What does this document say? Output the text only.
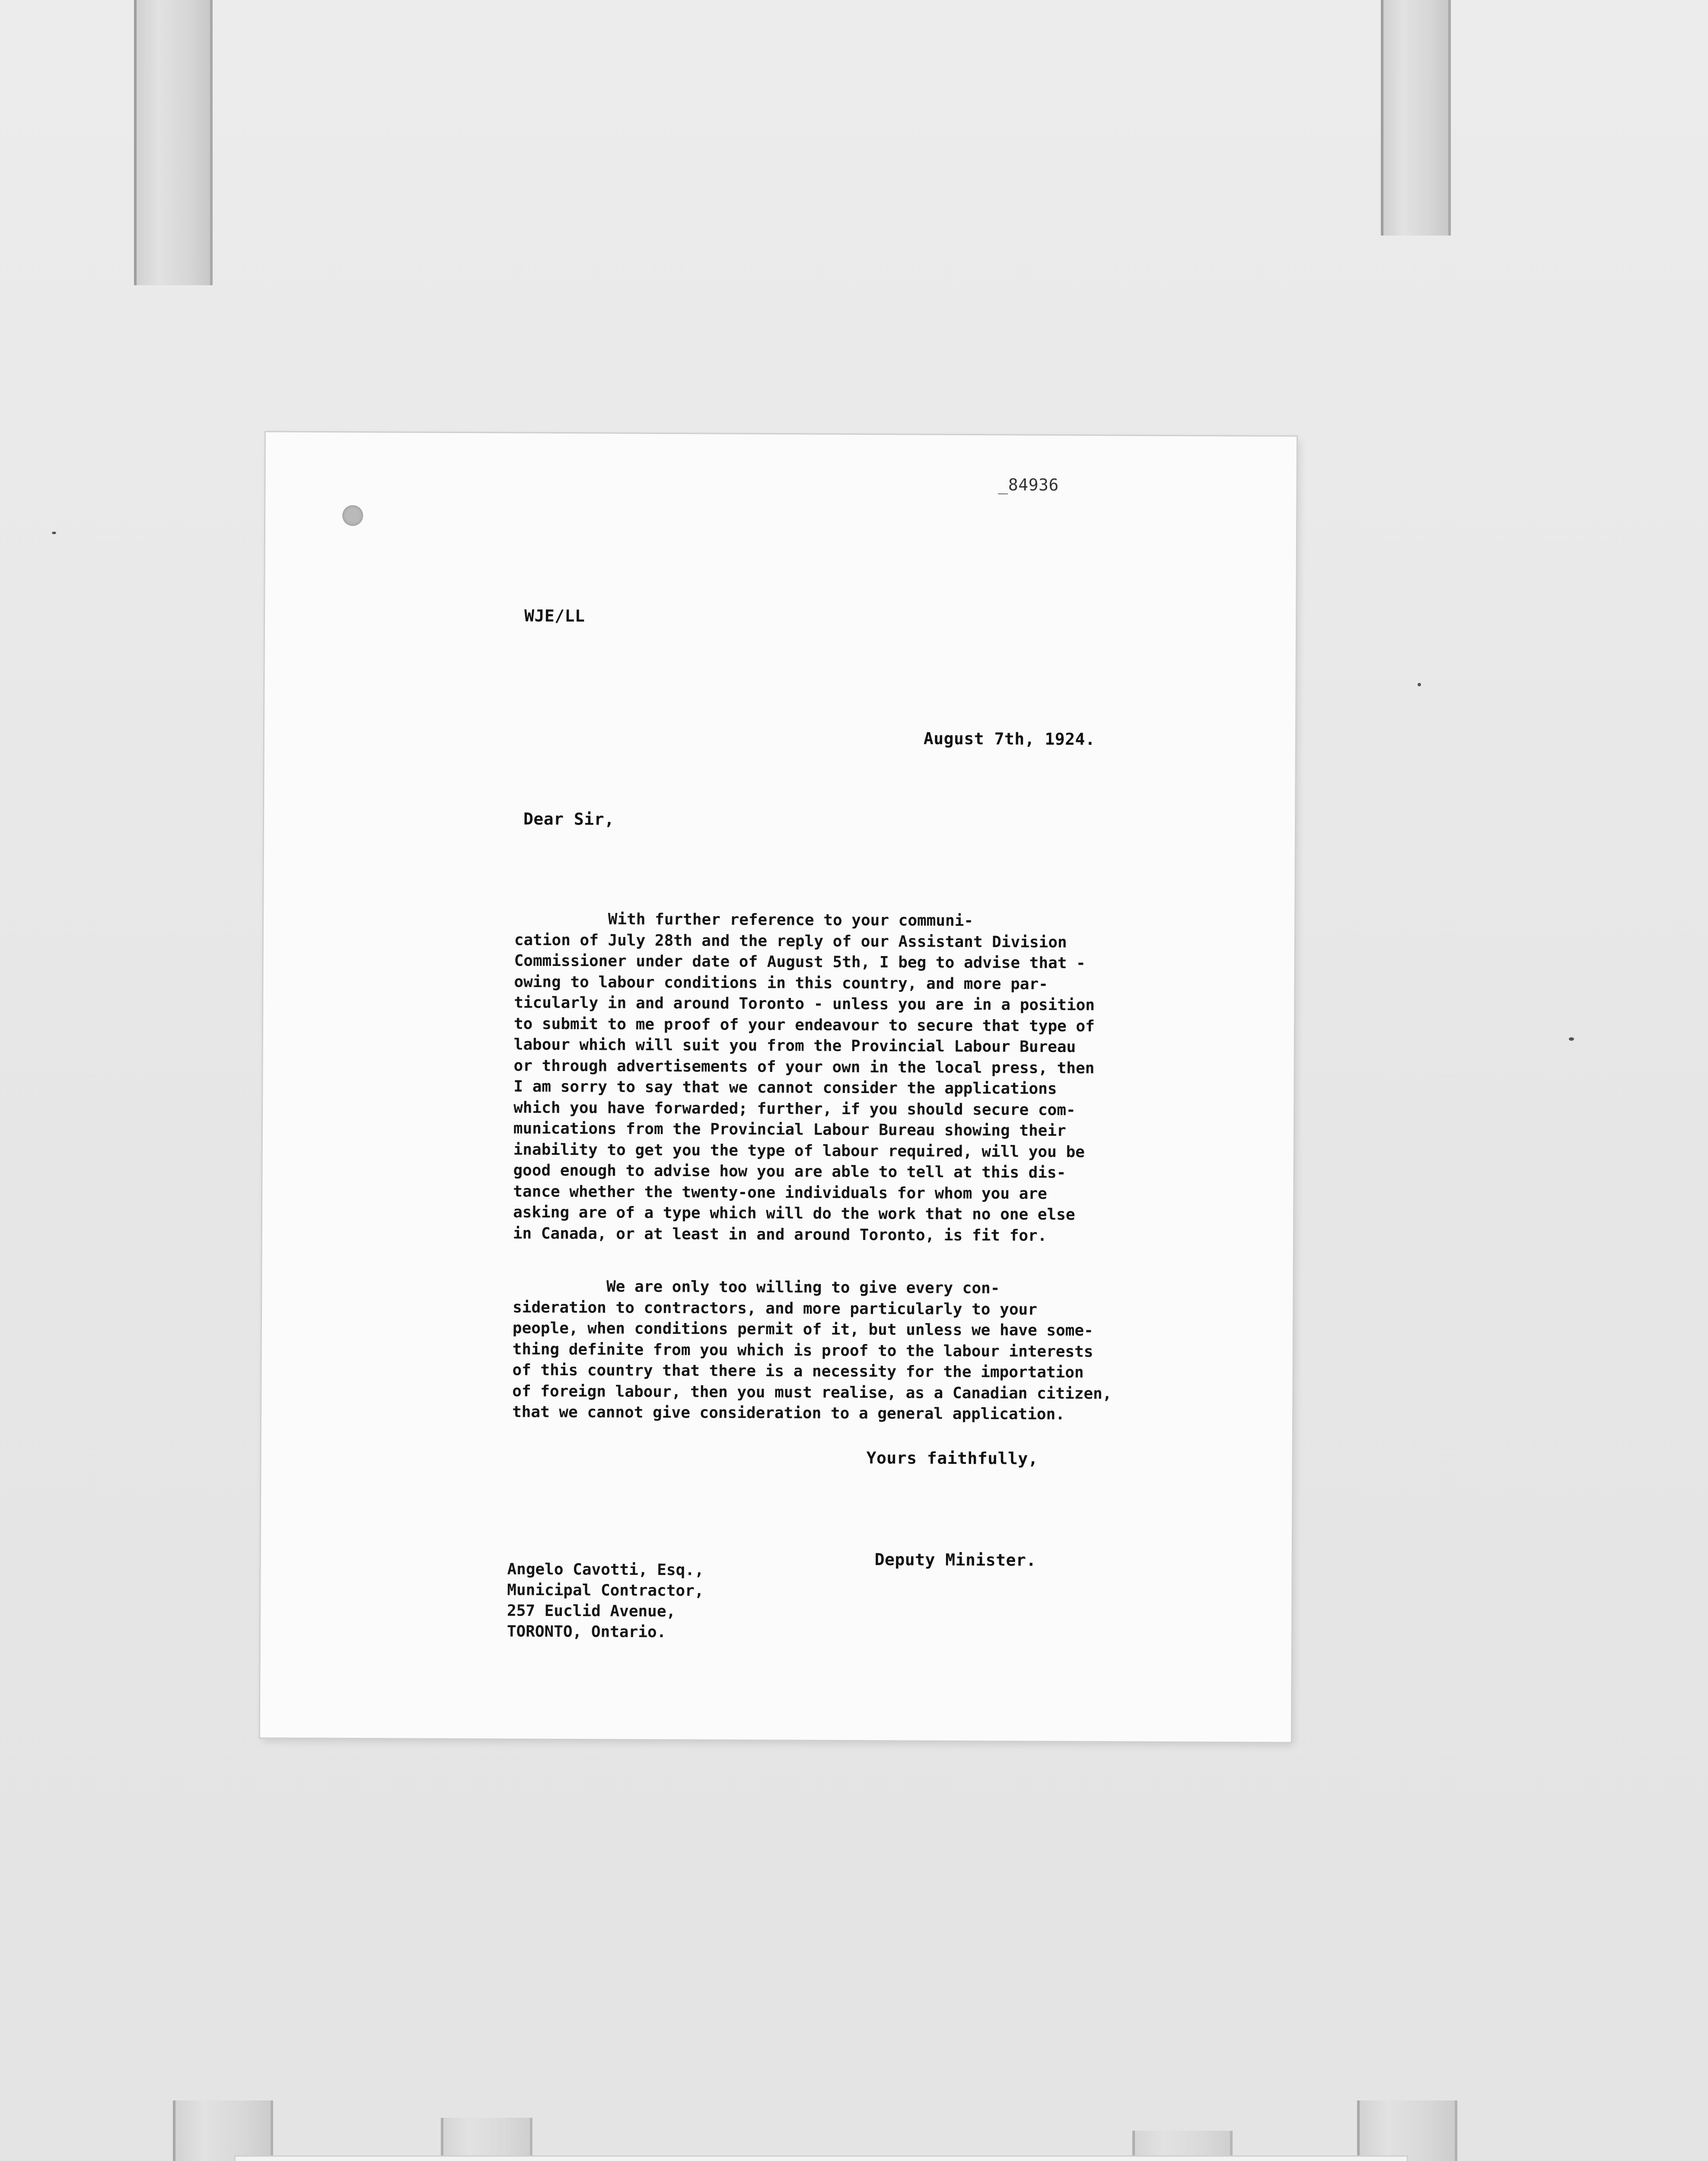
_84936

WJE/LL

August 7th, 1924.

Dear Sir,

With further reference to your communi-
cation of July 28th and the reply of our Assistant Division
Commissioner under date of August 5th, I beg to advise that -
owing to labour conditions in this country, and more par-
ticularly in and around Toronto - unless you are in a position
to submit to me proof of your endeavour to secure that type of
labour which will suit you from the Provincial Labour Bureau
or through advertisements of your own in the local press, then
I am sorry to say that we cannot consider the applications
which you have forwarded; further, if you should secure com-
munications from the Provincial Labour Bureau showing their
inability to get you the type of labour required, will you be
good enough to advise how you are able to tell at this dis-
tance whether the twenty-one individuals for whom you are
asking are of a type which will do the work that no one else
in Canada, or at least in and around Toronto, is fit for.
We are only too willing to give every con-
sideration to contractors, and more particularly to your
people, when conditions permit of it, but unless we have some-
thing definite from you which is proof to the labour interests
of this country that there is a necessity for the importation
of foreign labour, then you must realise, as a Canadian citizen,
that we cannot give consideration to a general application.

Yours faithfully,

Deputy Minister.

Angelo Cavotti, Esq.,
Municipal Contractor,
257 Euclid Avenue,
TORONTO, Ontario.
